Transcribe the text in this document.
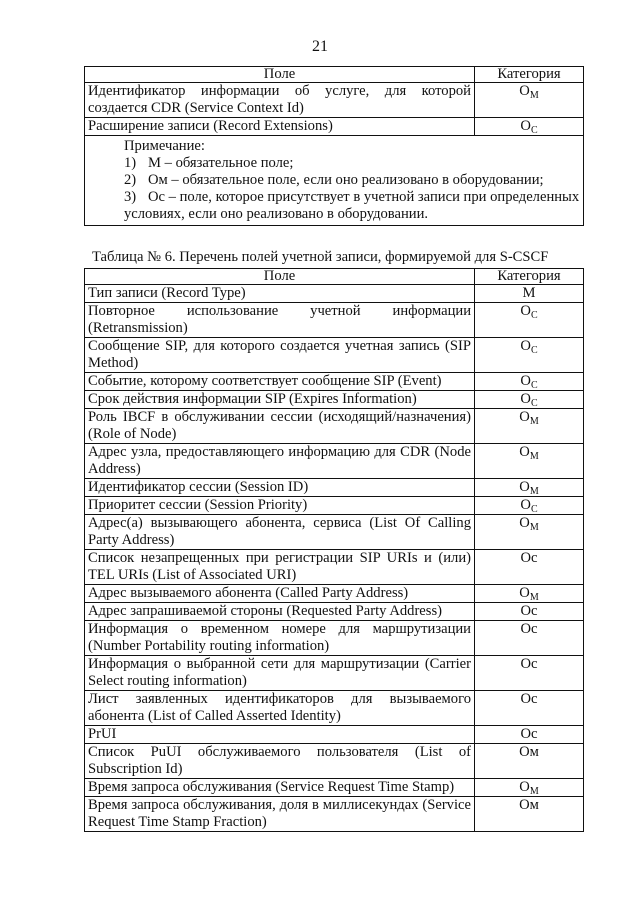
21
Поле	Категория
Идентификатор информации об услуге, для которой создается CDR (Service Context Id)	$O_M$
Расширение записи (Record Extensions)	$O_C$

Примечание:
1) М – обязательное поле;
2) Ом – обязательное поле, если оно реализовано в оборудовании;
3) Ос – поле, которое присутствует в учетной записи при определенных условиях, если оно реализовано в оборудовании.	
Таблица № 6. Перечень полей учетной записи, формируемой для S-CSCF
Поле	Категория
Тип записи (Record Type)	M
Повторное использование учетной информации (Retransmission)	$O_C$
Сообщение SIP, для которого создается учетная запись (SIP Method)	$O_C$
Событие, которому соответствует сообщение SIP (Event)	$O_C$
Срок действия информации SIP (Expires Information)	$O_C$
Роль IBCF в обслуживании сессии (исходящий/назначения) (Role of Node)	$O_M$
Адрес узла, предоставляющего информацию для CDR (Node Address)	$O_M$
Идентификатор сессии (Session ID)	$O_M$
Приоритет сессии (Session Priority)	$O_C$
Адрес(а) вызывающего абонента, сервиса (List Of Calling Party Address)	$O_M$
Список незапрещенных при регистрации SIP URIs и (или) TEL URIs (List of Associated URI)	Oc
Адрес вызываемого абонента (Called Party Address)	$O_M$
Адрес запрашиваемой стороны (Requested Party Address)	Oc
Информация о временном номере для маршрутизации (Number Portability routing information)	Oc
Информация о выбранной сети для маршрутизации (Carrier Select routing information)	Oc
Лист заявленных идентификаторов для вызываемого абонента (List of Called Asserted Identity)	Oc
PrUI	Oc
Список PuUI обслуживаемого пользователя (List of Subscription Id)	Oм
Время запроса обслуживания (Service Request Time Stamp)	$O_M$
Время запроса обслуживания, доля в миллисекундах (Service Request Time Stamp Fraction)	Oм
